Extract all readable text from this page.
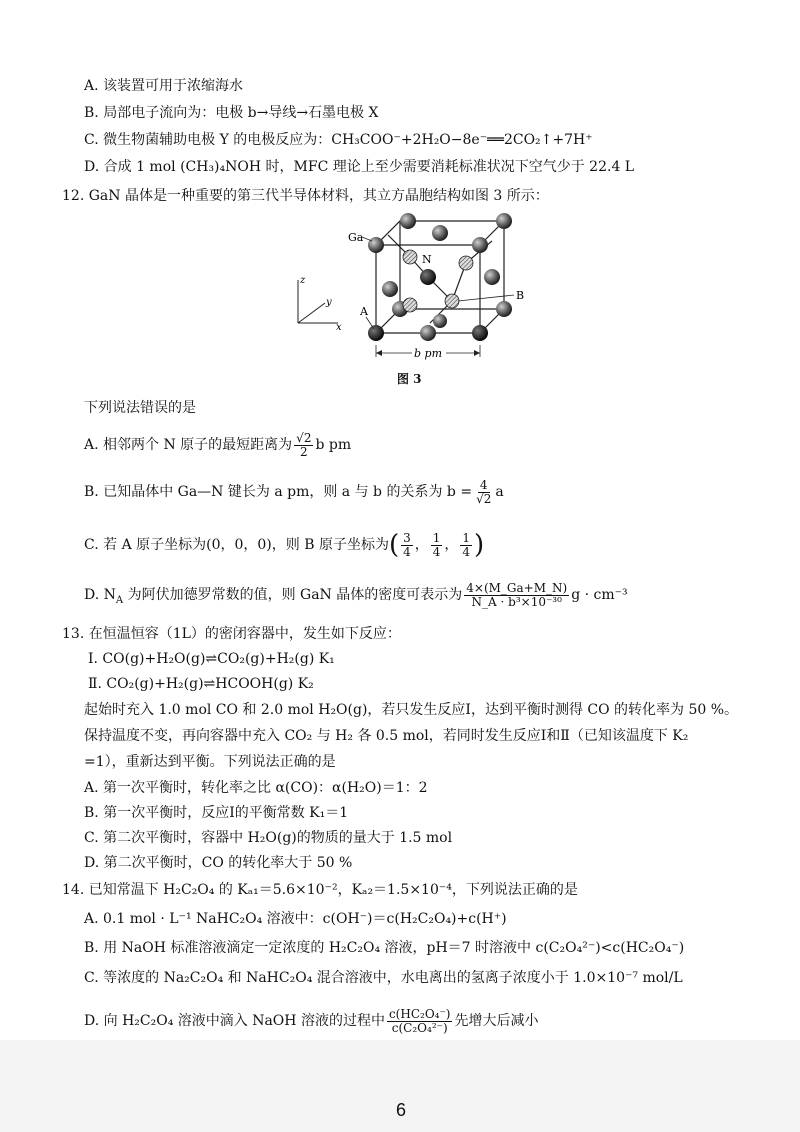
A. 该装置可用于浓缩海水
B. 局部电子流向为：电极 b→导线→石墨电极 X
C. 微生物菌辅助电极 Y 的电极反应为：CH₃COO⁻+2H₂O−8e⁻══2CO₂↑+7H⁺
D. 合成 1 mol (CH₃)₄NOH 时，MFC 理论上至少需要消耗标准状况下空气少于 22.4 L
12. GaN 晶体是一种重要的第三代半导体材料，其立方晶胞结构如图 3 所示：
z
y
x
Ga
N
A
B
b pm
图 3
下列说法错误的是
A. 相邻两个 N 原子的最短距离为 $\frac{√2}{2}$ b pm
B. 已知晶体中 Ga—N 键长为 a pm，则 a 与 b 的关系为 $b = \frac{4}{√2}$ a
C. 若 A 原子坐标为(0，0，0)，则 B 原子坐标为( $\frac{3}{4}$ ， $\frac{1}{4}$ ， $\frac{1}{4}$ )
D. $N_A$ 为阿伏加德罗常数的值，则 GaN 晶体的密度可表示为 $\frac{4\times(M\_Ga+M\_N)}{\text{N\_A · b³×10⁻³⁰}}$ g · cm⁻³
13. 在恒温恒容（1L）的密闭容器中，发生如下反应：
Ⅰ. CO(g)+H₂O(g)⇌CO₂(g)+H₂(g) K₁
Ⅱ. CO₂(g)+H₂(g)⇌HCOOH(g) K₂
起始时充入 1.0 mol CO 和 2.0 mol H₂O(g)，若只发生反应Ⅰ，达到平衡时测得 CO 的转化率为 50 %。
保持温度不变，再向容器中充入 CO₂ 与 H₂ 各 0.5 mol，若同时发生反应Ⅰ和Ⅱ（已知该温度下 K₂
=1），重新达到平衡。下列说法正确的是
A. 第一次平衡时，转化率之比 α(CO)：α(H₂O)＝1：2
B. 第一次平衡时，反应Ⅰ的平衡常数 K₁＝1
C. 第二次平衡时，容器中 H₂O(g)的物质的量大于 1.5 mol
D. 第二次平衡时，CO 的转化率大于 50 %
14. 已知常温下 H₂C₂O₄ 的 Kₐ₁＝5.6×10⁻²，Kₐ₂＝1.5×10⁻⁴，下列说法正确的是
A. 0.1 mol · L⁻¹ NaHC₂O₄ 溶液中：c(OH⁻)＝c(H₂C₂O₄)+c(H⁺)
B. 用 NaOH 标准溶液滴定一定浓度的 H₂C₂O₄ 溶液，pH＝7 时溶液中 c(C₂O₄²⁻)<c(HC₂O₄⁻)
C. 等浓度的 Na₂C₂O₄ 和 NaHC₂O₄ 混合溶液中，水电离出的氢离子浓度小于 1.0×10⁻⁷ mol/L
D. 向 H₂C₂O₄ 溶液中滴入 NaOH 溶液的过程中 $\frac{\text{c(HC₂O₄⁻)}}{\text{c(C₂O₄²⁻)}}$ 先增大后减小
6
